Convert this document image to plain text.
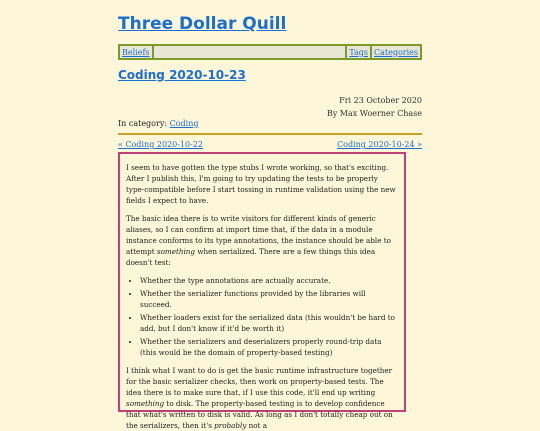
Three Dollar Quill
Beliefs	Tags Categories
Coding 2020-10-23
Fri 23 October 2020
By Max Woerner Chase
In category: Coding
« Coding 2020-10-22	Coding 2020-10-24 »

I seem to have gotten the type stubs I wrote working, so that's exciting. After I publish this, I'm going to try updating the tests to be properly type-compatible before I start tossing in runtime validation using the new fields I expect to have.

The basic idea there is to write visitors for different kinds of generic aliases, so I can confirm at import time that, if the data in a module instance conforms to its type annotations, the instance should be able to attempt something when serialized. There are a few things this idea doesn't test:

• Whether the type annotations are actually accurate.
• Whether the serializer functions provided by the libraries will succeed.
• Whether loaders exist for the serialized data (this wouldn't be hard to add, but I don't know if it'd be worth it)
• Whether the serializers and deserializers properly round-trip data (this would be the domain of property-based testing)

I think what I want to do is get the basic runtime infrastructure together for the basic serializer checks, then work on property-based tests. The idea there is to make sure that, if I use this code, it'll end up writing something to disk. The property-based testing is to develop confidence that what's written to disk is valid. As long as I don't totally cheap out on the serializers, then it's probably not a
